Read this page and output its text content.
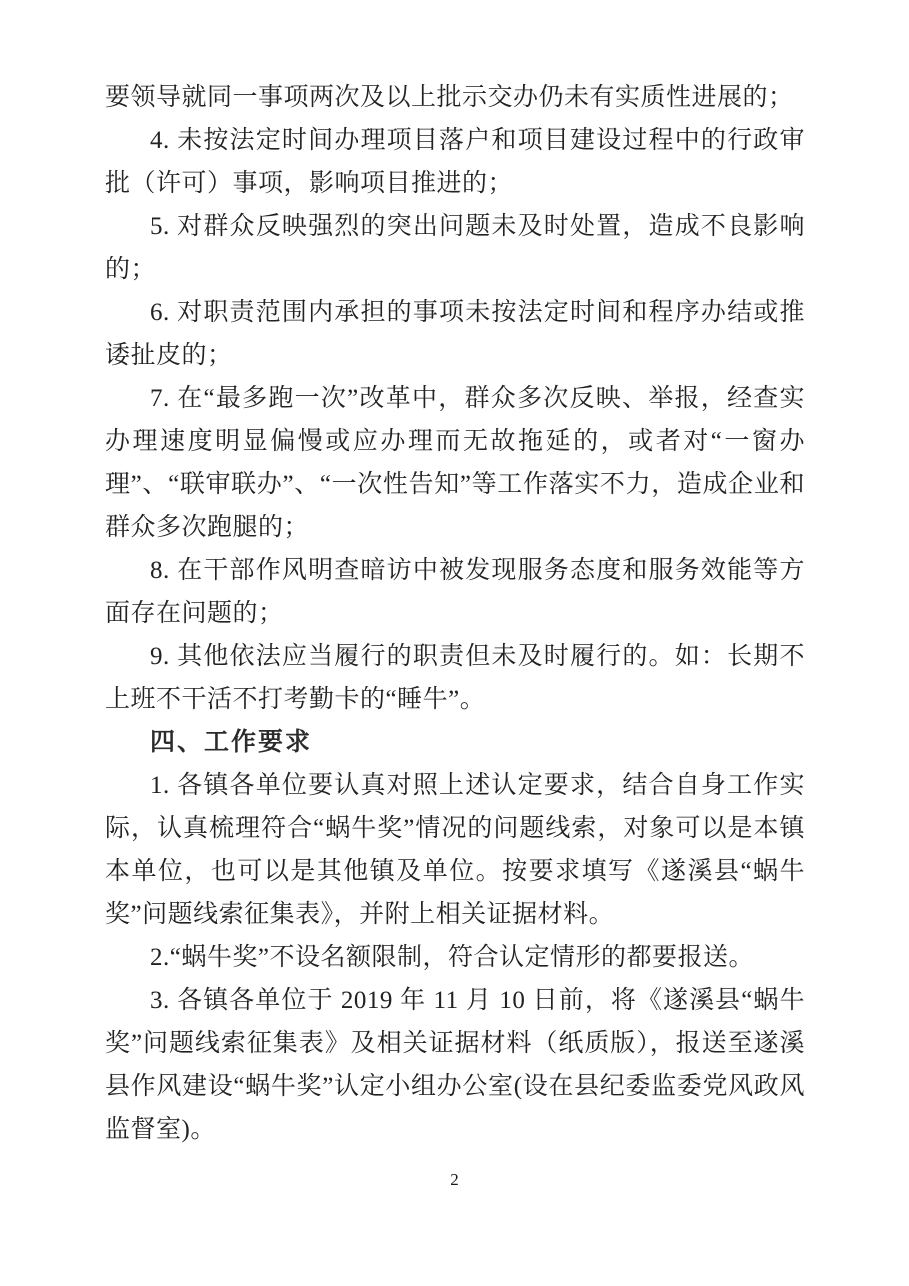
要领导就同一事项两次及以上批示交办仍未有实质性进展的；

4. 未按法定时间办理项目落户和项目建设过程中的行政审批（许可）事项，影响项目推进的；

5. 对群众反映强烈的突出问题未及时处置，造成不良影响的；

6. 对职责范围内承担的事项未按法定时间和程序办结或推诿扯皮的；

7. 在“最多跑一次”改革中，群众多次反映、举报，经查实办理速度明显偏慢或应办理而无故拖延的，或者对“一窗办理”、“联审联办”、“一次性告知”等工作落实不力，造成企业和群众多次跑腿的；

8. 在干部作风明查暗访中被发现服务态度和服务效能等方面存在问题的；

9. 其他依法应当履行的职责但未及时履行的。如：长期不上班不干活不打考勤卡的“睡牛”。

四、工作要求

1. 各镇各单位要认真对照上述认定要求，结合自身工作实际，认真梳理符合“蜗牛奖”情况的问题线索，对象可以是本镇本单位，也可以是其他镇及单位。按要求填写《遂溪县“蜗牛奖”问题线索征集表》，并附上相关证据材料。

2.“蜗牛奖”不设名额限制，符合认定情形的都要报送。

3. 各镇各单位于 2019 年 11 月 10 日前，将《遂溪县“蜗牛奖”问题线索征集表》及相关证据材料（纸质版），报送至遂溪县作风建设“蜗牛奖”认定小组办公室(设在县纪委监委党风政风监督室)。

2
